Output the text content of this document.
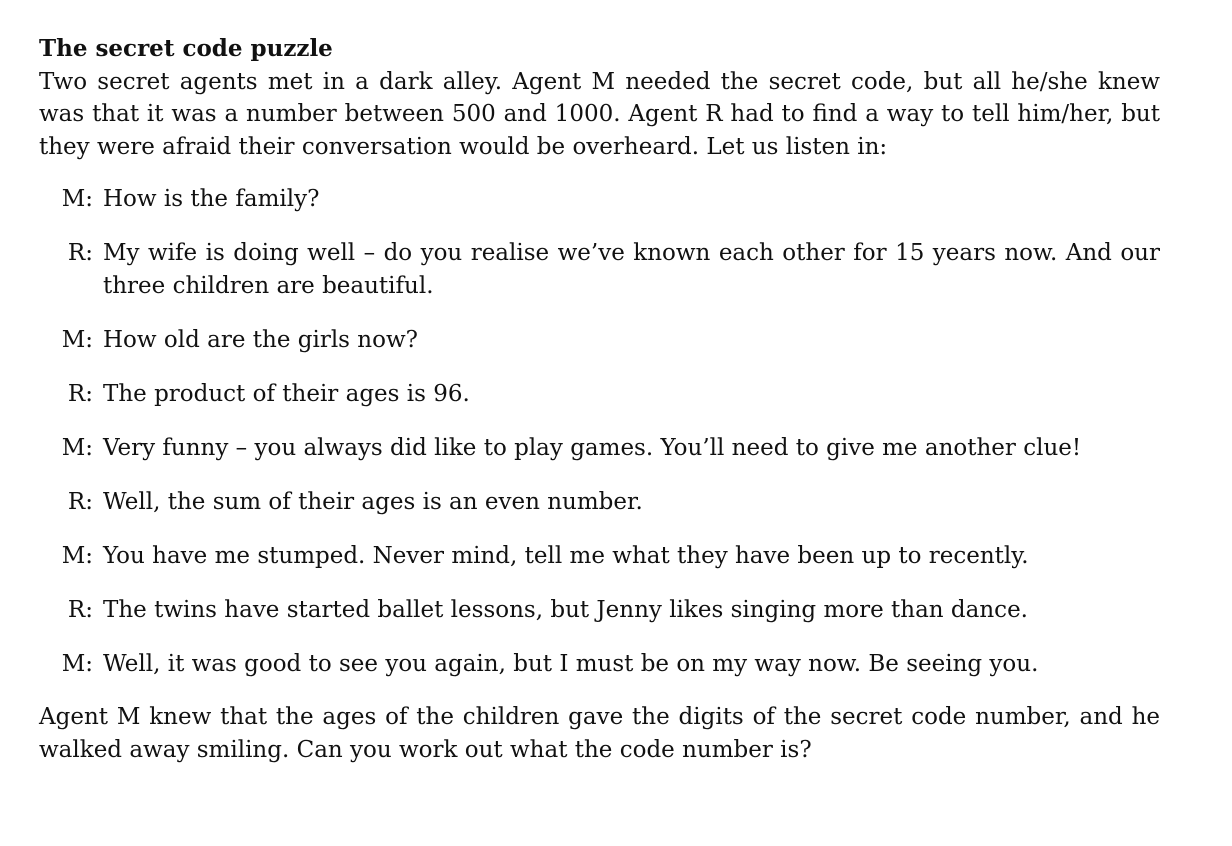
The secret code puzzle

Two secret agents met in a dark alley. Agent M needed the secret code, but all he/she knew was that it was a number between 500 and 1000. Agent R had to find a way to tell him/her, but they were afraid their conversation would be overheard. Let us listen in:

M: How is the family?
R: My wife is doing well – do you realise we’ve known each other for 15 years now. And our three children are beautiful.
M: How old are the girls now?
R: The product of their ages is 96.
M: Very funny – you always did like to play games. You’ll need to give me another clue!
R: Well, the sum of their ages is an even number.
M: You have me stumped. Never mind, tell me what they have been up to recently.
R: The twins have started ballet lessons, but Jenny likes singing more than dance.
M: Well, it was good to see you again, but I must be on my way now. Be seeing you.

Agent M knew that the ages of the children gave the digits of the secret code number, and he walked away smiling. Can you work out what the code number is?
